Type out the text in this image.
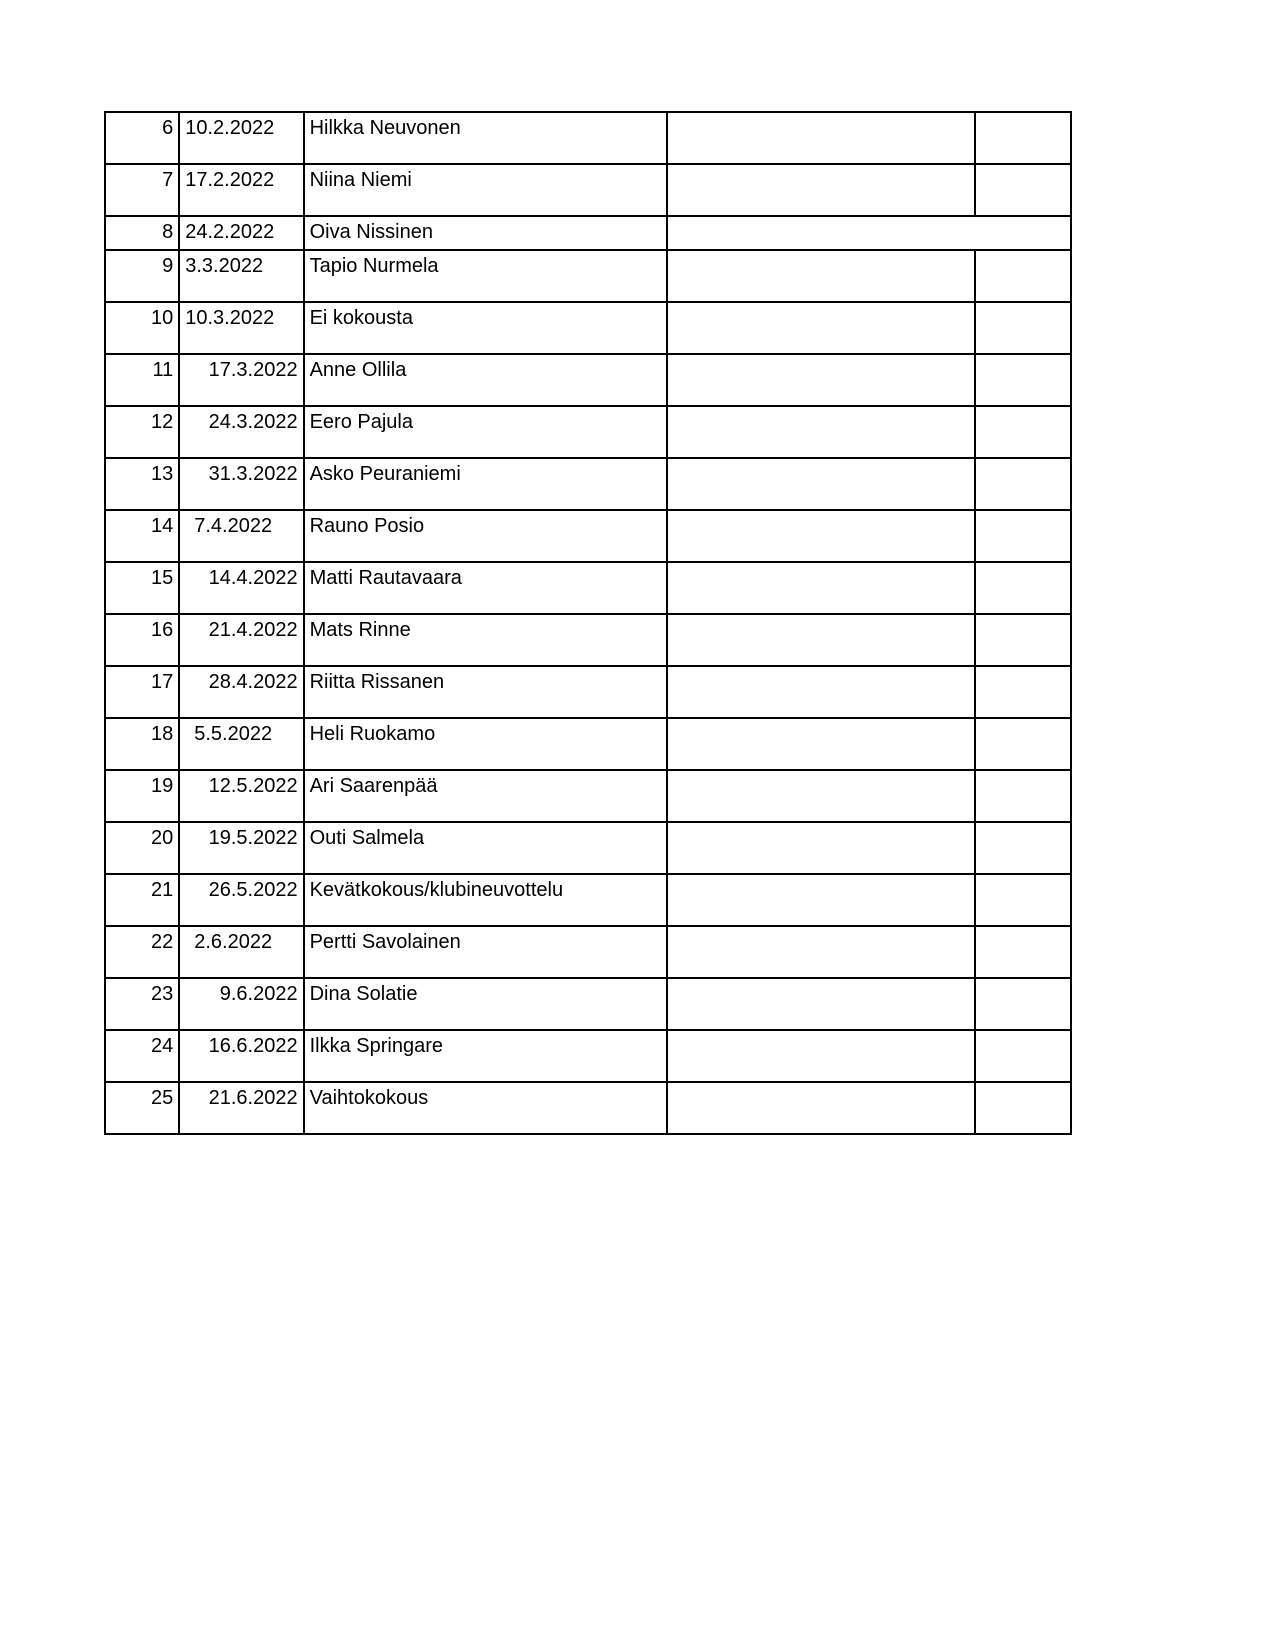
6	10.2.2022	Hilkka Neuvonen		
7	17.2.2022	Niina Niemi		
8	24.2.2022	Oiva Nissinen		
9	3.3.2022	Tapio Nurmela		
10	10.3.2022	Ei kokousta		
11	17.3.2022	Anne Ollila		
12	24.3.2022	Eero Pajula		
13	31.3.2022	Asko Peuraniemi		
14	7.4.2022	Rauno Posio		
15	14.4.2022	Matti Rautavaara		
16	21.4.2022	Mats Rinne		
17	28.4.2022	Riitta Rissanen		
18	5.5.2022	Heli Ruokamo		
19	12.5.2022	Ari Saarenpää		
20	19.5.2022	Outi Salmela		
21	26.5.2022	Kevätkokous/klubineuvottelu		
22	2.6.2022	Pertti Savolainen		
23	9.6.2022	Dina Solatie		
24	16.6.2022	Ilkka Springare		
25	21.6.2022	Vaihtokokous		
